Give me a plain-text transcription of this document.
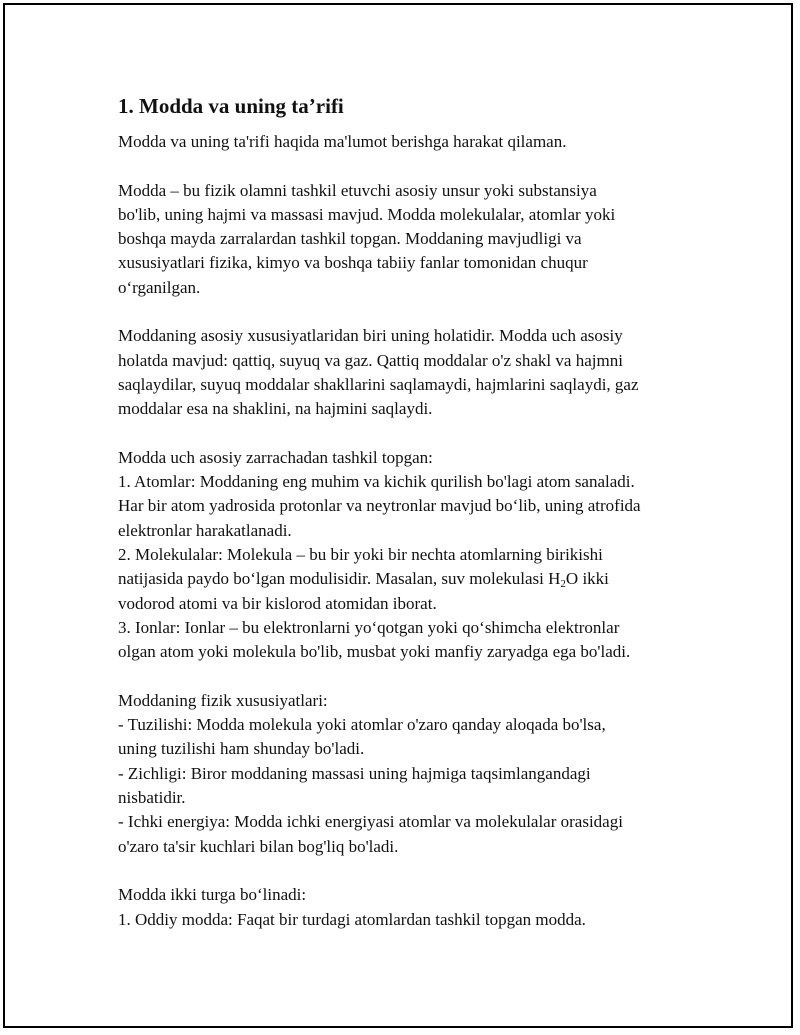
1. Modda va uning ta’rifi

Modda va uning ta'rifi haqida ma'lumot berishga harakat qilaman.

Modda – bu fizik olamni tashkil etuvchi asosiy unsur yoki substansiya
bo'lib, uning hajmi va massasi mavjud. Modda molekulalar, atomlar yoki
boshqa mayda zarralardan tashkil topgan. Moddaning mavjudligi va
xususiyatlari fizika, kimyo va boshqa tabiiy fanlar tomonidan chuqur
o‘rganilgan.

Moddaning asosiy xususiyatlaridan biri uning holatidir. Modda uch asosiy
holatda mavjud: qattiq, suyuq va gaz. Qattiq moddalar o'z shakl va hajmni
saqlaydilar, suyuq moddalar shakllarini saqlamaydi, hajmlarini saqlaydi, gaz
moddalar esa na shaklini, na hajmini saqlaydi.

Modda uch asosiy zarrachadan tashkil topgan:
1. Atomlar: Moddaning eng muhim va kichik qurilish bo'lagi atom sanaladi.
Har bir atom yadrosida protonlar va neytronlar mavjud bo‘lib, uning atrofida
elektronlar harakatlanadi.
2. Molekulalar: Molekula – bu bir yoki bir nechta atomlarning birikishi
natijasida paydo bo‘lgan modulisidir. Masalan, suv molekulasi $H_2O$ ikki
vodorod atomi va bir kislorod atomidan iborat.
3. Ionlar: Ionlar – bu elektronlarni yo‘qotgan yoki qo‘shimcha elektronlar
olgan atom yoki molekula bo'lib, musbat yoki manfiy zaryadga ega bo'ladi.

Moddaning fizik xususiyatlari:
- Tuzilishi: Modda molekula yoki atomlar o'zaro qanday aloqada bo'lsa,
uning tuzilishi ham shunday bo'ladi.
- Zichligi: Biror moddaning massasi uning hajmiga taqsimlangandagi
nisbatidir.
- Ichki energiya: Modda ichki energiyasi atomlar va molekulalar orasidagi
o'zaro ta'sir kuchlari bilan bog'liq bo'ladi.

Modda ikki turga bo‘linadi:
1. Oddiy modda: Faqat bir turdagi atomlardan tashkil topgan modda.
